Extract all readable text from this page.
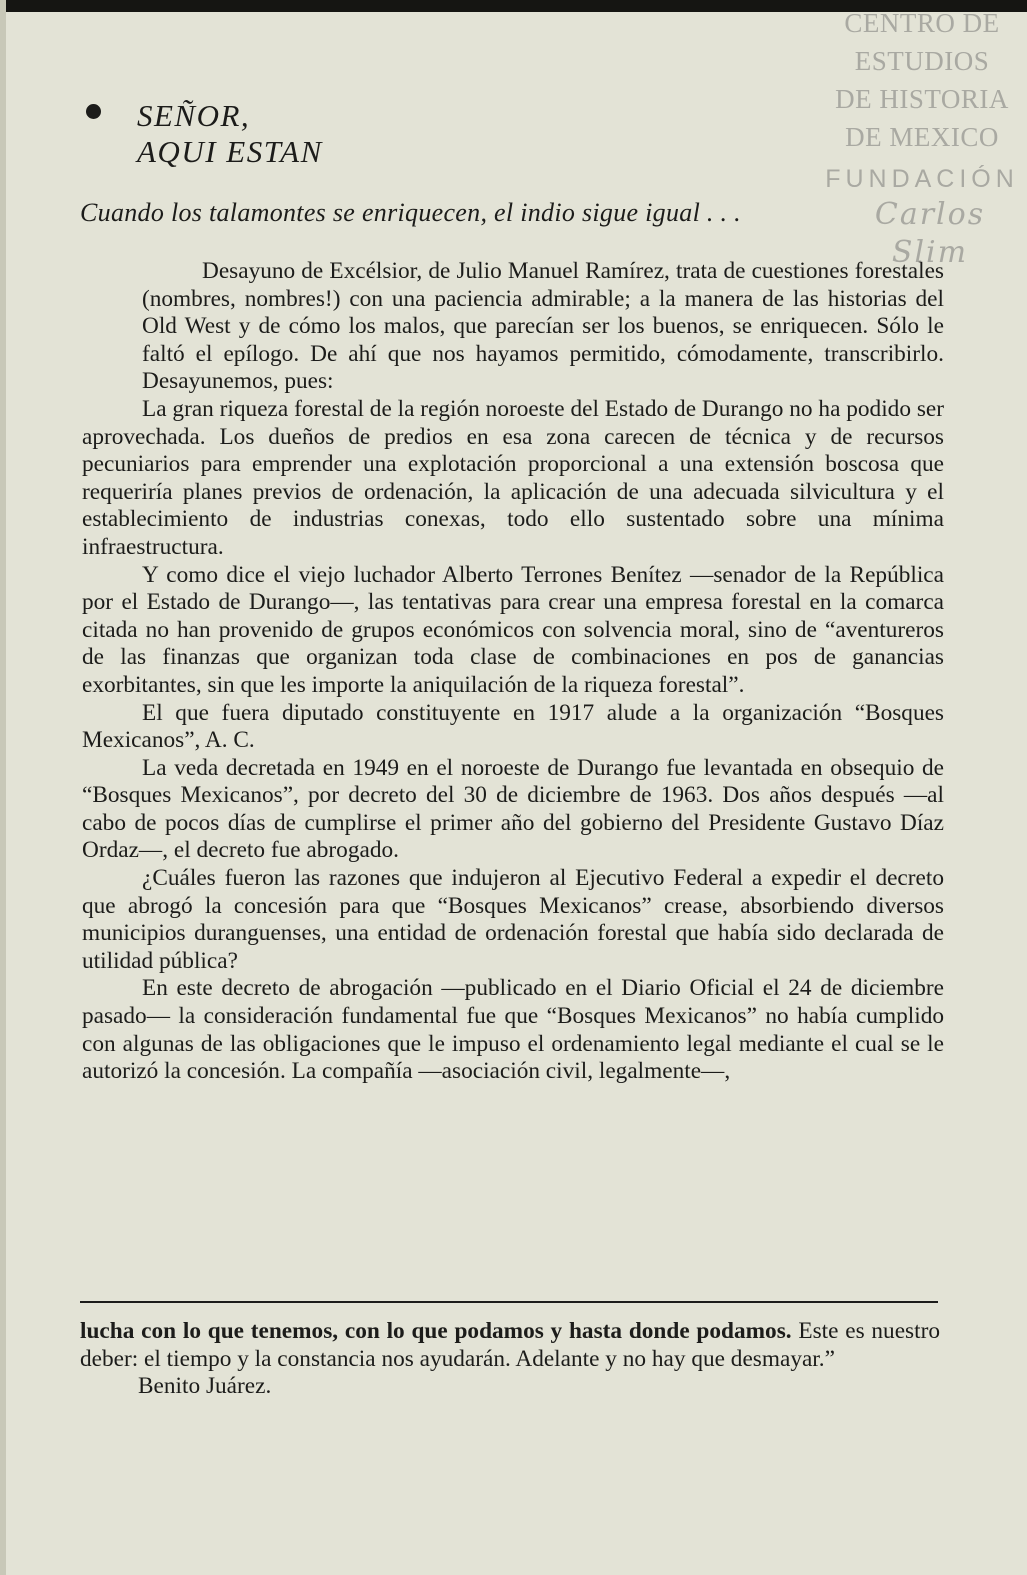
CENTRO DE
ESTUDIOS
DE HISTORIA
DE MEXICO
FUNDACIÓN
Carlos Slim
SEÑOR,
AQUI ESTAN
Cuando los talamontes se enriquecen, el indio sigue igual . . .

Desayuno de Excélsior, de Julio Manuel Ramírez, trata de cuestiones forestales (nombres, nombres!) con una paciencia admirable; a la manera de las historias del Old West y de cómo los malos, que parecían ser los buenos, se enriquecen. Sólo le faltó el epílogo. De ahí que nos hayamos permitido, cómodamente, transcribirlo. Desayunemos, pues:

La gran riqueza forestal de la región noroeste del Estado de Durango no ha podido ser aprovechada. Los dueños de predios en esa zona carecen de técnica y de recursos pecuniarios para emprender una explotación proporcional a una extensión boscosa que requeriría planes previos de ordenación, la aplicación de una adecuada silvicultura y el establecimiento de industrias conexas, todo ello sustentado sobre una mínima infraestructura.

Y como dice el viejo luchador Alberto Terrones Benítez —senador de la República por el Estado de Durango—, las tentativas para crear una empresa forestal en la comarca citada no han provenido de grupos económicos con solvencia moral, sino de “aventureros de las finanzas que organizan toda clase de combinaciones en pos de ganancias exorbitantes, sin que les importe la aniquilación de la riqueza forestal”.

El que fuera diputado constituyente en 1917 alude a la organización “Bosques Mexicanos”, A. C.

La veda decretada en 1949 en el noroeste de Durango fue levantada en obsequio de “Bosques Mexicanos”, por decreto del 30 de diciembre de 1963. Dos años después —al cabo de pocos días de cumplirse el primer año del gobierno del Presidente Gustavo Díaz Ordaz—, el decreto fue abrogado.

¿Cuáles fueron las razones que indujeron al Ejecutivo Federal a expedir el decreto que abrogó la concesión para que “Bosques Mexicanos” crease, absorbiendo diversos municipios duranguenses, una entidad de ordenación forestal que había sido declarada de utilidad pública?

En este decreto de abrogación —publicado en el Diario Oficial el 24 de diciembre pasado— la consideración fundamental fue que “Bosques Mexicanos” no había cumplido con algunas de las obligaciones que le impuso el ordenamiento legal mediante el cual se le autorizó la concesión. La compañía —asociación civil, legalmente—,

lucha con lo que tenemos, con lo que podamos y hasta donde podamos. Este es nuestro deber: el tiempo y la constancia nos ayudarán. Adelante y no hay que desmayar.”

Benito Juárez.
